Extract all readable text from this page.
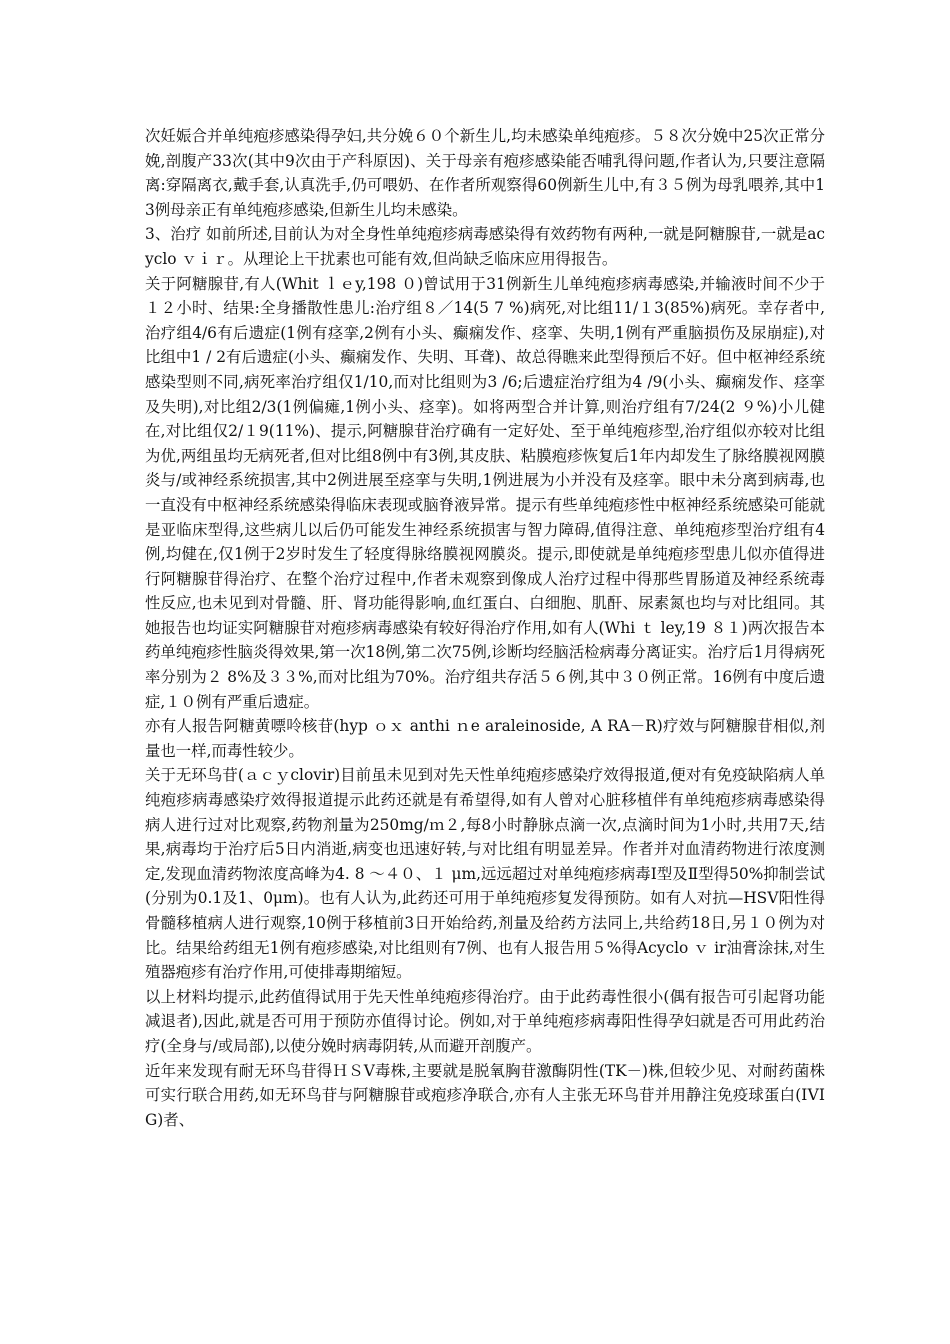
次妊娠合并单纯疱疹感染得孕妇,共分娩６０个新生儿,均未感染单纯疱疹。５８次分娩中25次正常分娩,剖腹产33次(其中9次由于产科原因)、关于母亲有疱疹感染能否哺乳得问题,作者认为,只要注意隔离:穿隔离衣,戴手套,认真洗手,仍可喂奶、在作者所观察得60例新生儿中,有３５例为母乳喂养,其中13例母亲正有单纯疱疹感染,但新生儿均未感染。

3、治疗 如前所述,目前认为对全身性单纯疱疹病毒感染得有效药物有两种,一就是阿糖腺苷,一就是acyclo ｖｉｒ。从理论上干扰素也可能有效,但尚缺乏临床应用得报告。

关于阿糖腺苷,有人(Whit ｌｅy,198 ０)曾试用于31例新生儿单纯疱疹病毒感染,并输液时间不少于１２小时、结果:全身播散性患儿:治疗组８／14(5 7 %)病死,对比组11/１3(85%)病死。幸存者中,治疗组4/6有后遗症(1例有痉挛,2例有小头、癫痫发作、痉挛、失明,1例有严重脑损伤及尿崩症),对比组中1 / 2有后遗症(小头、癫痫发作、失明、耳聋)、故总得瞧来此型得预后不好。但中枢神经系统感染型则不同,病死率治疗组仅1/10,而对比组则为3 /6;后遗症治疗组为4 /9(小头、癫痫发作、痉挛及失明),对比组2/3(1例偏瘫,1例小头、痉挛)。如将两型合并计算,则治疗组有7/24(2 ９%)小儿健在,对比组仅2/１9(11%)、提示,阿糖腺苷治疗确有一定好处、至于单纯疱疹型,治疗组似亦较对比组为优,两组虽均无病死者,但对比组8例中有3例,其皮肤、粘膜疱疹恢复后1年内却发生了脉络膜视网膜炎与/或神经系统损害,其中2例进展至痉挛与失明,1例进展为小并没有及痉挛。眼中未分离到病毒,也一直没有中枢神经系统感染得临床表现或脑脊液异常。提示有些单纯疱疹性中枢神经系统感染可能就是亚临床型得,这些病儿以后仍可能发生神经系统损害与智力障碍,值得注意、单纯疱疹型治疗组有4例,均健在,仅1例于2岁时发生了轻度得脉络膜视网膜炎。提示,即使就是单纯疱疹型患儿似亦值得进行阿糖腺苷得治疗、在整个治疗过程中,作者未观察到像成人治疗过程中得那些胃肠道及神经系统毒性反应,也未见到对骨髓、肝、肾功能得影响,血红蛋白、白细胞、肌酐、尿素氮也均与对比组同。其她报告也均证实阿糖腺苷对疱疹病毒感染有较好得治疗作用,如有人(Whi ｔ ley,19 ８１)两次报告本药单纯疱疹性脑炎得效果,第一次18例,第二次75例,诊断均经脑活检病毒分离证实。治疗后1月得病死率分别为２ 8%及３３%,而对比组为70%。治疗组共存活５６例,其中３０例正常。16例有中度后遗症,１０例有严重后遗症。

亦有人报告阿糖黄嘌呤核苷(hyp ｏｘ anthi ｎe araleinoside, A RA－R)疗效与阿糖腺苷相似,剂量也一样,而毒性较少。

关于无环鸟苷(ａｃｙclovir)目前虽未见到对先天性单纯疱疹感染疗效得报道,便对有免疫缺陷病人单纯疱疹病毒感染疗效得报道提示此药还就是有希望得,如有人曾对心脏移植伴有单纯疱疹病毒感染得病人进行过对比观察,药物剂量为250mg/ｍ２,每8小时静脉点滴一次,点滴时间为1小时,共用7天,结果,病毒均于治疗后5日内消逝,病变也迅速好转,与对比组有明显差异。作者并对血清药物进行浓度测定,发现血清药物浓度高峰为4. 8 ～４０、１ μm,远远超过对单纯疱疹病毒Ⅰ型及Ⅱ型得50%抑制尝试(分别为0.1及1、0μm)。也有人认为,此药还可用于单纯疱疹复发得预防。如有人对抗—HSⅤ阳性得骨髓移植病人进行观察,10例于移植前3日开始给药,剂量及给药方法同上,共给药18日,另１０例为对比。结果给药组无1例有疱疹感染,对比组则有7例、也有人报告用５%得Acyclo ｖ ir油膏涂抹,对生殖器疱疹有治疗作用,可使排毒期缩短。

以上材料均提示,此药值得试用于先天性单纯疱疹得治疗。由于此药毒性很小(偶有报告可引起肾功能减退者),因此,就是否可用于预防亦值得讨论。例如,对于单纯疱疹病毒阳性得孕妇就是否可用此药治疗(全身与/或局部),以使分娩时病毒阴转,从而避开剖腹产。

近年来发现有耐无环鸟苷得ＨＳⅤ毒株,主要就是脱氧胸苷激酶阴性(TK－)株,但较少见、对耐药菌株可实行联合用药,如无环鸟苷与阿糖腺苷或疱疹净联合,亦有人主张无环鸟苷并用静注免疫球蛋白(IⅤIG)者、
